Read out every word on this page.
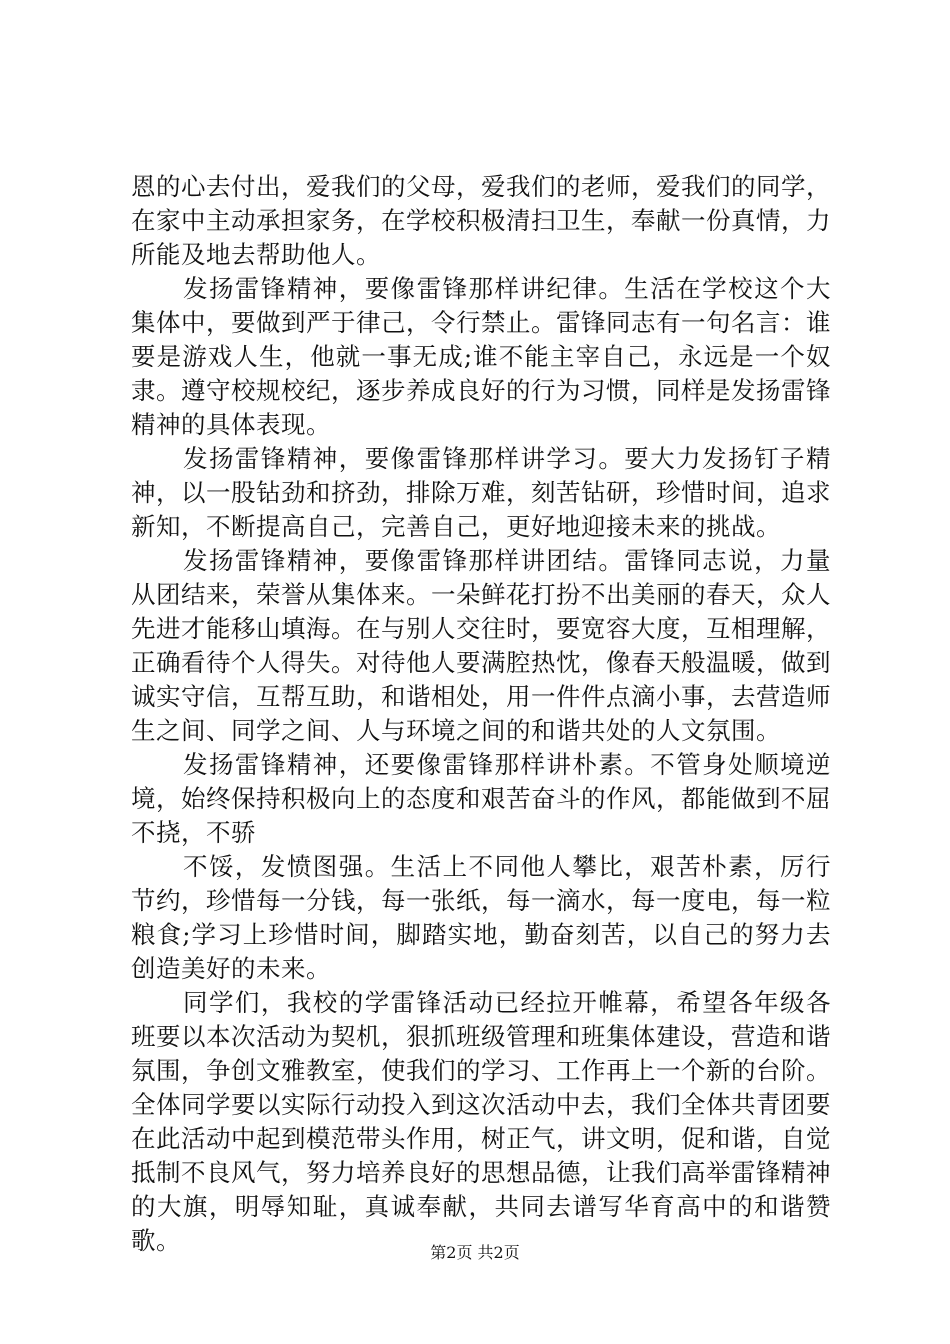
恩的心去付出，爱我们的父母，爱我们的老师，爱我们的同学，在家中主动承担家务，在学校积极清扫卫生，奉献一份真情，力所能及地去帮助他人。

发扬雷锋精神，要像雷锋那样讲纪律。生活在学校这个大集体中，要做到严于律己，令行禁止。雷锋同志有一句名言：谁要是游戏人生，他就一事无成;谁不能主宰自己，永远是一个奴隶。遵守校规校纪，逐步养成良好的行为习惯，同样是发扬雷锋精神的具体表现。

发扬雷锋精神，要像雷锋那样讲学习。要大力发扬钉子精神，以一股钻劲和挤劲，排除万难，刻苦钻研，珍惜时间，追求新知，不断提高自己，完善自己，更好地迎接未来的挑战。

发扬雷锋精神，要像雷锋那样讲团结。雷锋同志说，力量从团结来，荣誉从集体来。一朵鲜花打扮不出美丽的春天，众人先进才能移山填海。在与别人交往时，要宽容大度，互相理解，正确看待个人得失。对待他人要满腔热忱，像春天般温暖，做到诚实守信，互帮互助，和谐相处，用一件件点滴小事，去营造师生之间、同学之间、人与环境之间的和谐共处的人文氛围。

发扬雷锋精神，还要像雷锋那样讲朴素。不管身处顺境逆境，始终保持积极向上的态度和艰苦奋斗的作风，都能做到不屈不挠，不骄

不馁，发愤图强。生活上不同他人攀比，艰苦朴素，厉行节约，珍惜每一分钱，每一张纸，每一滴水，每一度电，每一粒粮食;学习上珍惜时间，脚踏实地，勤奋刻苦，以自己的努力去创造美好的未来。

同学们，我校的学雷锋活动已经拉开帷幕，希望各年级各班要以本次活动为契机，狠抓班级管理和班集体建设，营造和谐氛围，争创文雅教室，使我们的学习、工作再上一个新的台阶。全体同学要以实际行动投入到这次活动中去，我们全体共青团要在此活动中起到模范带头作用，树正气，讲文明，促和谐，自觉抵制不良风气，努力培养良好的思想品德，让我们高举雷锋精神的大旗，明辱知耻，真诚奉献，共同去谱写华育高中的和谐赞歌。	第2页 共2页
